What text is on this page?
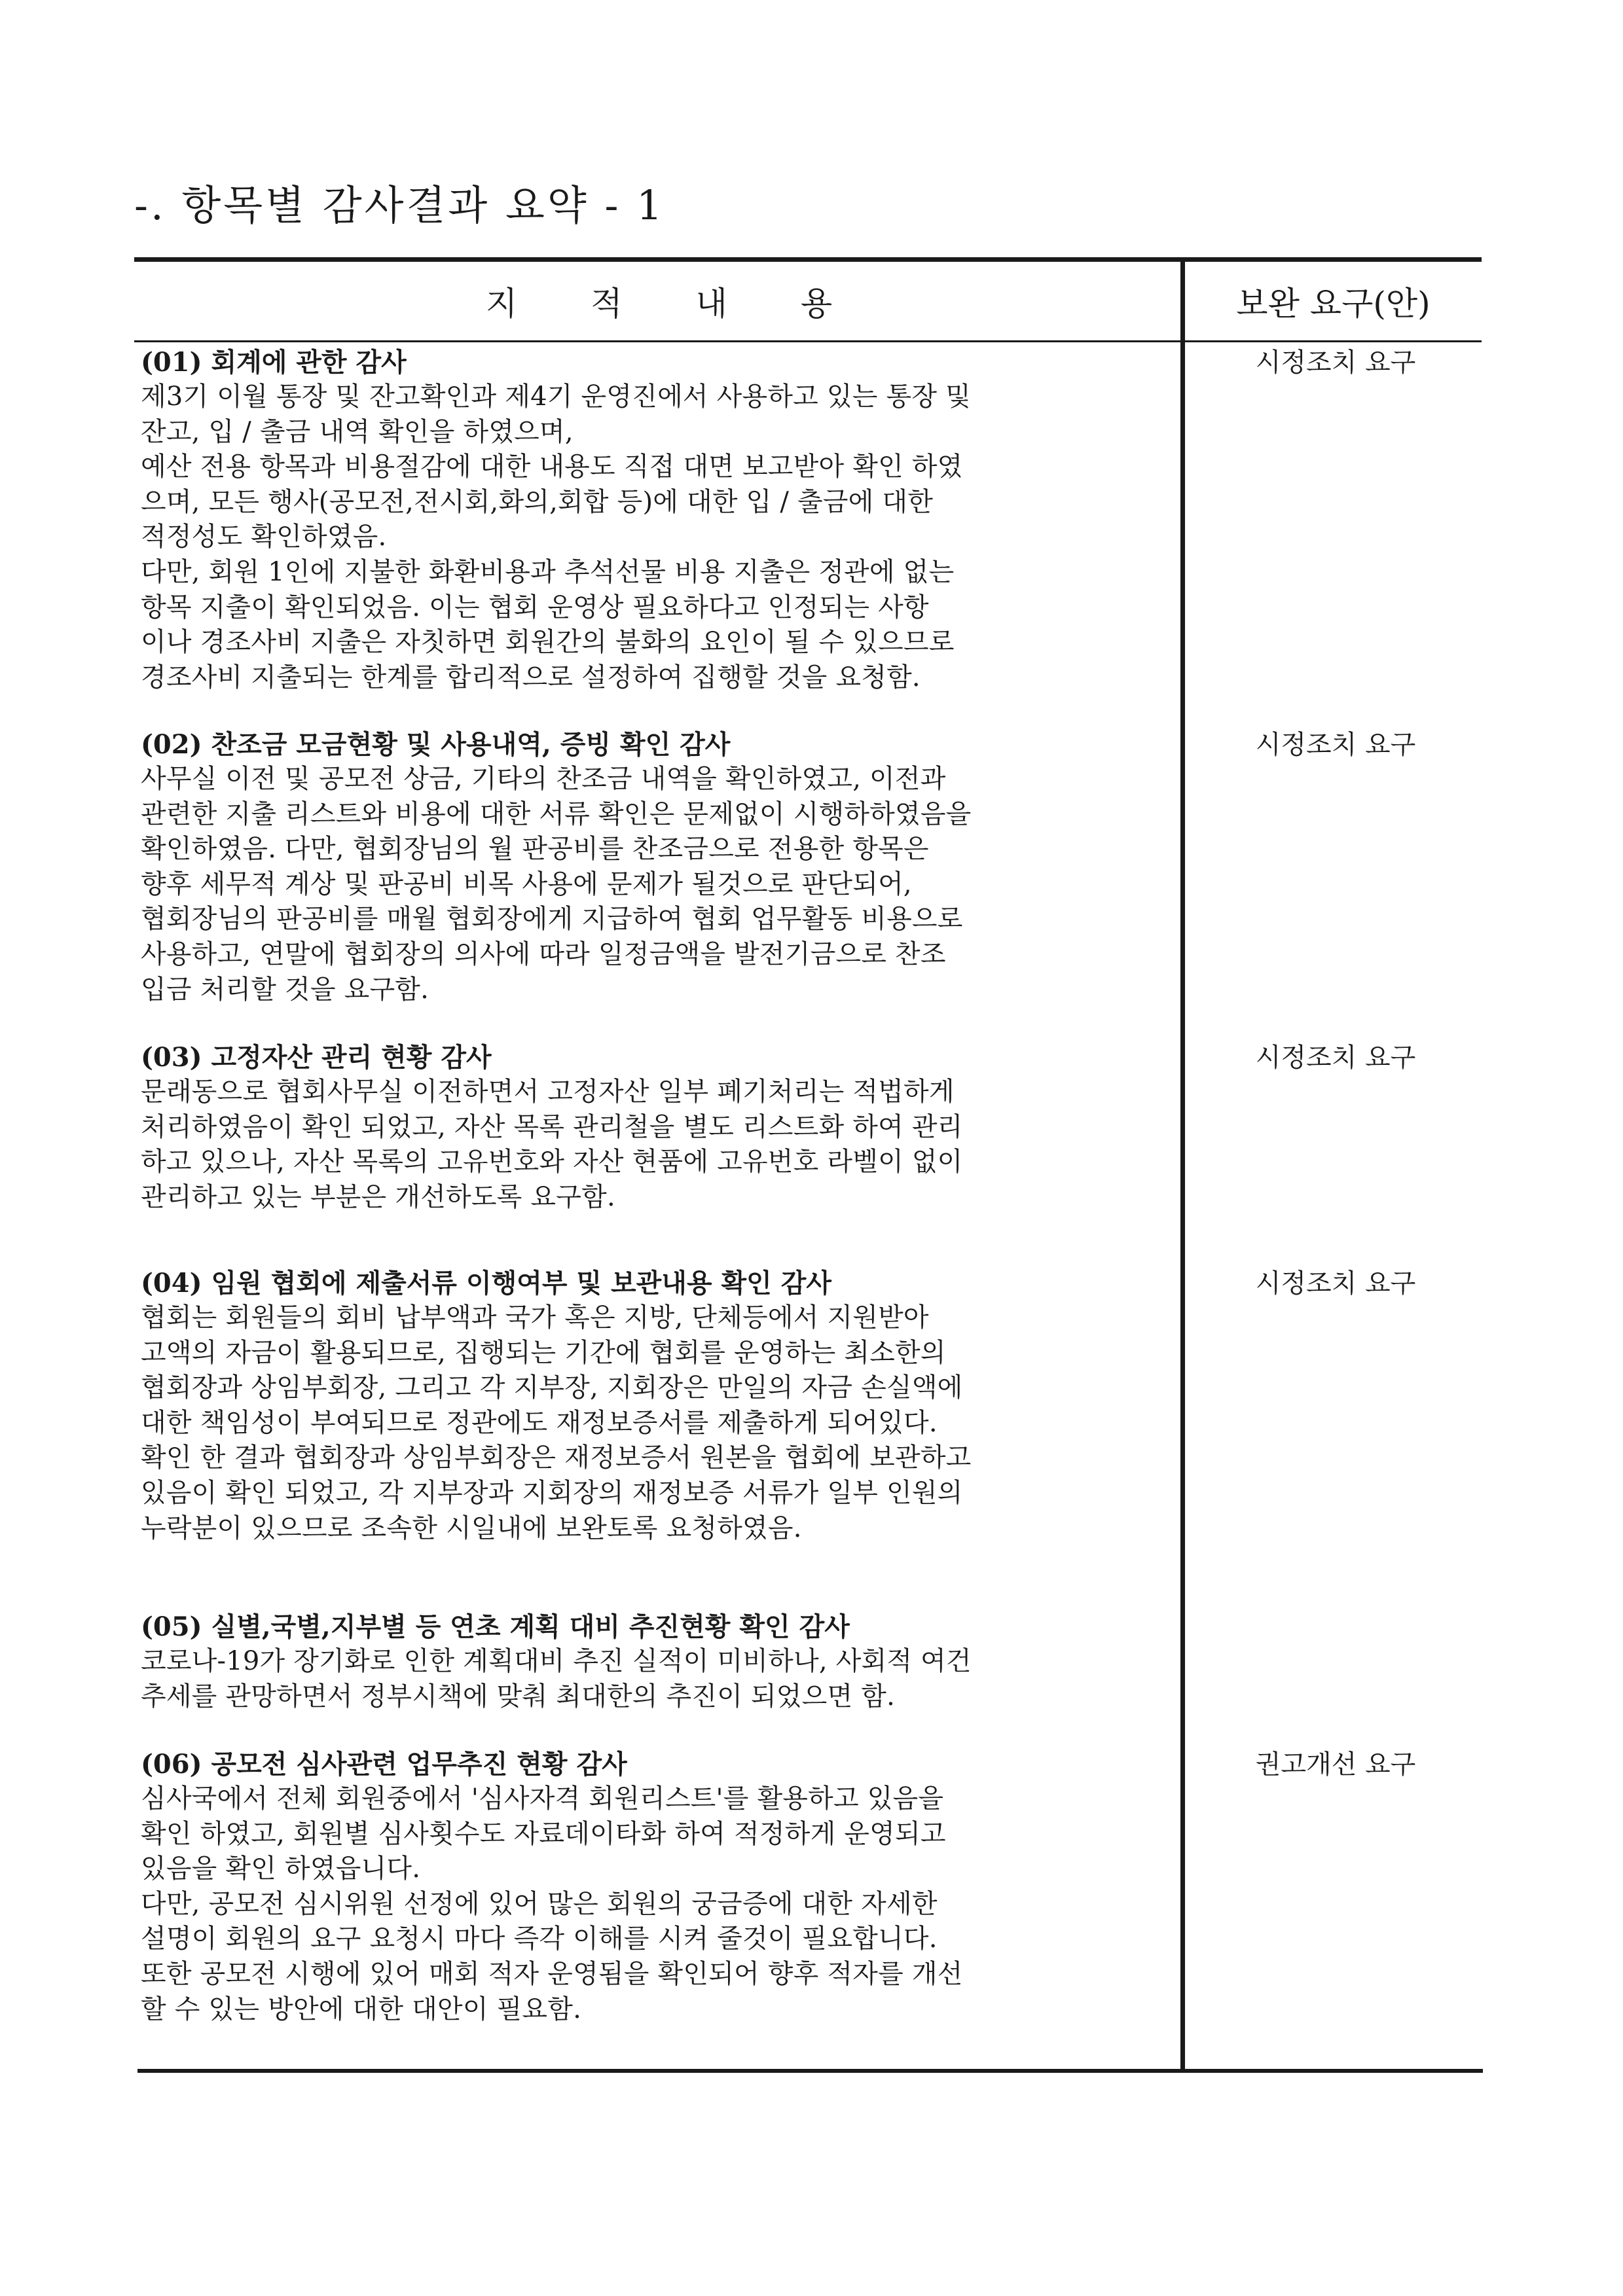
-. 항목별 감사결과 요약 - 1
지 적 내 용	보완 요구(안)
(01) 회계에 관한 감사
제3기 이월 통장 및 잔고확인과 제4기 운영진에서 사용하고 있는 통장 및
잔고, 입 / 출금 내역 확인을 하였으며,
예산 전용 항목과 비용절감에 대한 내용도 직접 대면 보고받아 확인 하였
으며, 모든 행사(공모전,전시회,화의,회합 등)에 대한 입 / 출금에 대한
적정성도 확인하였음.
다만, 회원 1인에 지불한 화환비용과 추석선물 비용 지출은 정관에 없는
항목 지출이 확인되었음. 이는 협회 운영상 필요하다고 인정되는 사항
이나 경조사비 지출은 자칫하면 회원간의 불화의 요인이 될 수 있으므로
경조사비 지출되는 한계를 합리적으로 설정하여 집행할 것을 요청함.
시정조치 요구
(02) 찬조금 모금현황 및 사용내역, 증빙 확인 감사
사무실 이전 및 공모전 상금, 기타의 찬조금 내역을 확인하였고, 이전과
관련한 지출 리스트와 비용에 대한 서류 확인은 문제없이 시행하하였음을
확인하였음. 다만, 협회장님의 월 판공비를 찬조금으로 전용한 항목은
향후 세무적 계상 및 판공비 비목 사용에 문제가 될것으로 판단되어,
협회장님의 판공비를 매월 협회장에게 지급하여 협회 업무활동 비용으로
사용하고, 연말에 협회장의 의사에 따라 일정금액을 발전기금으로 찬조
입금 처리할 것을 요구함.
시정조치 요구
(03) 고정자산 관리 현황 감사
문래동으로 협회사무실 이전하면서 고정자산 일부 폐기처리는 적법하게
처리하였음이 확인 되었고, 자산 목록 관리철을 별도 리스트화 하여 관리
하고 있으나, 자산 목록의 고유번호와 자산 현품에 고유번호 라벨이 없이
관리하고 있는 부분은 개선하도록 요구함.
시정조치 요구
(04) 임원 협회에 제출서류 이행여부 및 보관내용 확인 감사
협회는 회원들의 회비 납부액과 국가 혹은 지방, 단체등에서 지원받아
고액의 자금이 활용되므로, 집행되는 기간에 협회를 운영하는 최소한의
협회장과 상임부회장, 그리고 각 지부장, 지회장은 만일의 자금 손실액에
대한 책임성이 부여되므로 정관에도 재정보증서를 제출하게 되어있다.
확인 한 결과 협회장과 상임부회장은 재정보증서 원본을 협회에 보관하고
있음이 확인 되었고, 각 지부장과 지회장의 재정보증 서류가 일부 인원의
누락분이 있으므로 조속한 시일내에 보완토록 요청하였음.
시정조치 요구
(05) 실별,국별,지부별 등 연초 계획 대비 추진현황 확인 감사
코로나-19가 장기화로 인한 계획대비 추진 실적이 미비하나, 사회적 여건
추세를 관망하면서 정부시책에 맞춰 최대한의 추진이 되었으면 함.
(06) 공모전 심사관련 업무추진 현황 감사
심사국에서 전체 회원중에서 '심사자격 회원리스트'를 활용하고 있음을
확인 하였고, 회원별 심사횟수도 자료데이타화 하여 적정하게 운영되고
있음을 확인 하였읍니다.
다만, 공모전 심시위원 선정에 있어 많은 회원의 궁금증에 대한 자세한
설명이 회원의 요구 요청시 마다 즉각 이해를 시켜 줄것이 필요합니다.
또한 공모전 시행에 있어 매회 적자 운영됨을 확인되어 향후 적자를 개선
할 수 있는 방안에 대한 대안이 필요함.
권고개선 요구
